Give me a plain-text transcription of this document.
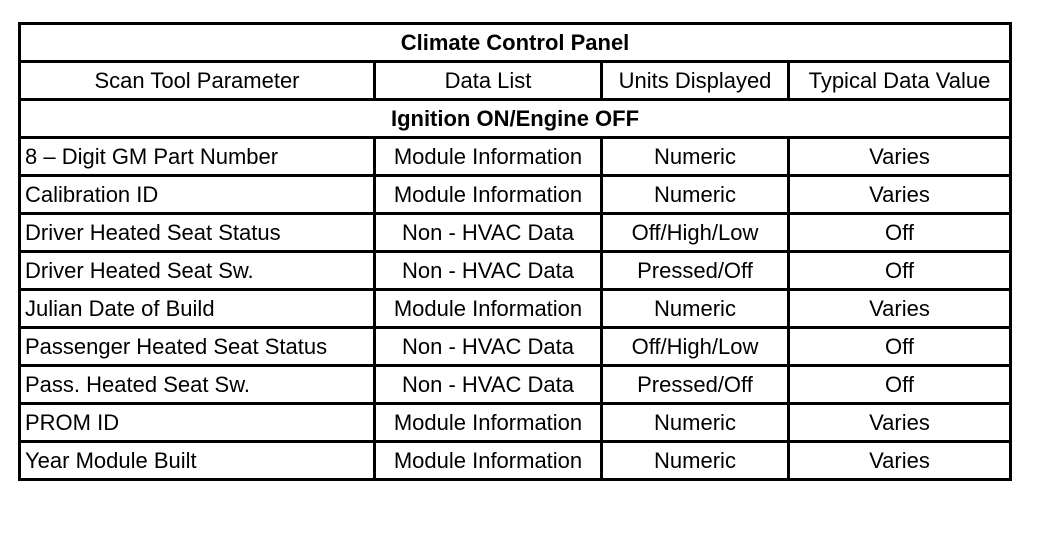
Climate Control Panel			
Scan Tool Parameter	Data List	Units Displayed	Typical Data Value
Ignition ON/Engine OFF			
8 – Digit GM Part Number	Module Information	Numeric	Varies
Calibration ID	Module Information	Numeric	Varies
Driver Heated Seat Status	Non - HVAC Data	Off/High/Low	Off
Driver Heated Seat Sw.	Non - HVAC Data	Pressed/Off	Off
Julian Date of Build	Module Information	Numeric	Varies
Passenger Heated Seat Status	Non - HVAC Data	Off/High/Low	Off
Pass. Heated Seat Sw.	Non - HVAC Data	Pressed/Off	Off
PROM ID	Module Information	Numeric	Varies
Year Module Built	Module Information	Numeric	Varies
